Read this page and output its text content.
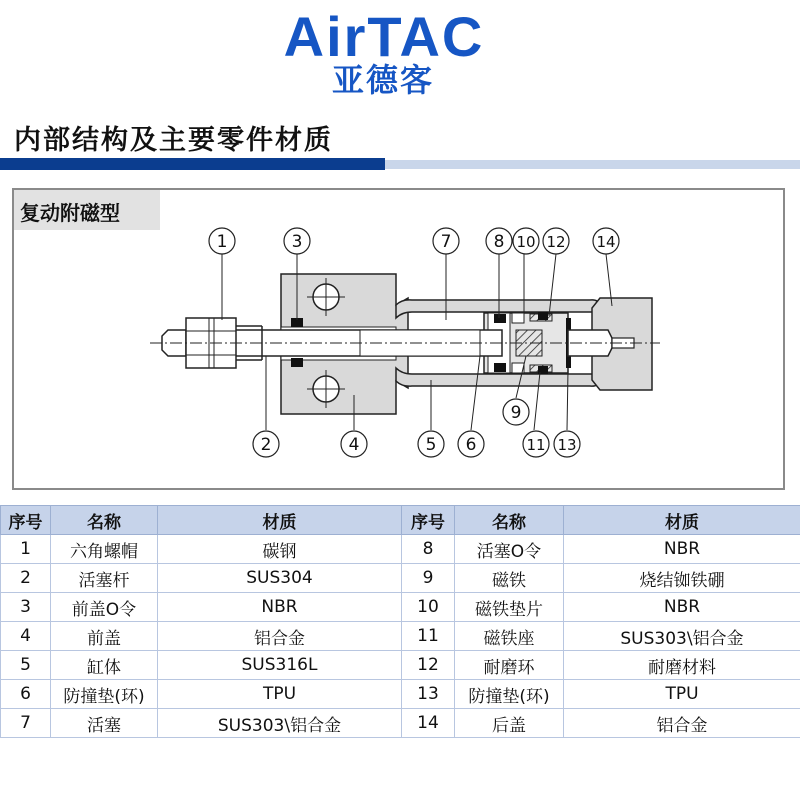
AirTAC
亚德客
内部结构及主要零件材质
复动附磁型
1	3	7 8 10 12 14
2	4	5 6
9
11 13
序号	名称	材质	序号	名称	材质
1	六角螺帽	碳钢	8	活塞O令	NBR
2	活塞杆	SUS304	9	磁铁	烧结铷铁硼
3	前盖O令	NBR	10	磁铁垫片	NBR
4	前盖	铝合金	11	磁铁座	SUS303\铝合金
5	缸体	SUS316L	12	耐磨环	耐磨材料
6	防撞垫(环)	TPU	13	防撞垫(环)	TPU
7	活塞	SUS303\铝合金	14	后盖	铝合金
